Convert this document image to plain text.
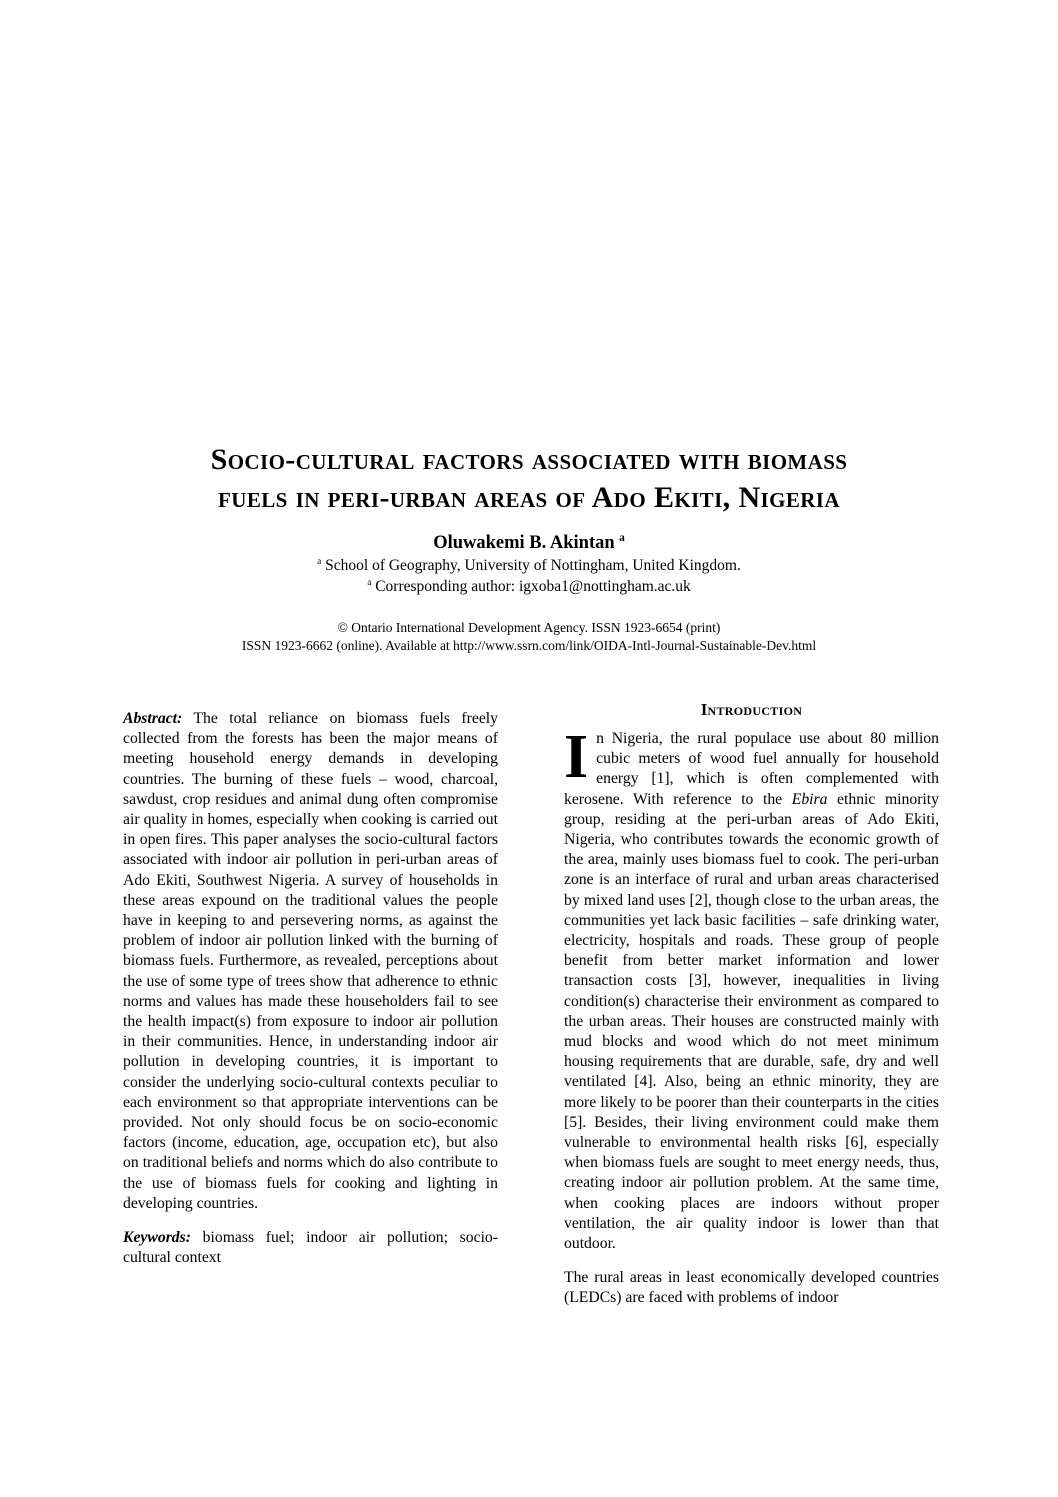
Socio-cultural factors associated with biomass
fuels in peri-urban areas of Ado Ekiti, Nigeria
Oluwakemi B. Akintan $^a$
$^a$ School of Geography, University of Nottingham, United Kingdom.
$^a$ Corresponding author: igxoba1@nottingham.ac.uk
© Ontario International Development Agency. ISSN 1923-6654 (print)
ISSN 1923-6662 (online). Available at http://www.ssrn.com/link/OIDA-Intl-Journal-Sustainable-Dev.html

Abstract: The total reliance on biomass fuels freely collected from the forests has been the major means of meeting household energy demands in developing countries. The burning of these fuels – wood, charcoal, sawdust, crop residues and animal dung often compromise air quality in homes, especially when cooking is carried out in open fires. This paper analyses the socio-cultural factors associated with indoor air pollution in peri-urban areas of Ado Ekiti, Southwest Nigeria. A survey of households in these areas expound on the traditional values the people have in keeping to and persevering norms, as against the problem of indoor air pollution linked with the burning of biomass fuels. Furthermore, as revealed, perceptions about the use of some type of trees show that adherence to ethnic norms and values has made these householders fail to see the health impact(s) from exposure to indoor air pollution in their communities. Hence, in understanding indoor air pollution in developing countries, it is important to consider the underlying socio-cultural contexts peculiar to each environment so that appropriate interventions can be provided. Not only should focus be on socio-economic factors (income, education, age, occupation etc), but also on traditional beliefs and norms which do also contribute to the use of biomass fuels for cooking and lighting in developing countries.

Keywords: biomass fuel; indoor air pollution; socio-cultural context

Introduction

In Nigeria, the rural populace use about 80 million cubic meters of wood fuel annually for household energy [1], which is often complemented with kerosene. With reference to the Ebira ethnic minority group, residing at the peri-urban areas of Ado Ekiti, Nigeria, who contributes towards the economic growth of the area, mainly uses biomass fuel to cook. The peri-urban zone is an interface of rural and urban areas characterised by mixed land uses [2], though close to the urban areas, the communities yet lack basic facilities – safe drinking water, electricity, hospitals and roads. These group of people benefit from better market information and lower transaction costs [3], however, inequalities in living condition(s) characterise their environment as compared to the urban areas. Their houses are constructed mainly with mud blocks and wood which do not meet minimum housing requirements that are durable, safe, dry and well ventilated [4]. Also, being an ethnic minority, they are more likely to be poorer than their counterparts in the cities [5]. Besides, their living environment could make them vulnerable to environmental health risks [6], especially when biomass fuels are sought to meet energy needs, thus, creating indoor air pollution problem. At the same time, when cooking places are indoors without proper ventilation, the air quality indoor is lower than that outdoor.

The rural areas in least economically developed countries (LEDCs) are faced with problems of indoor
